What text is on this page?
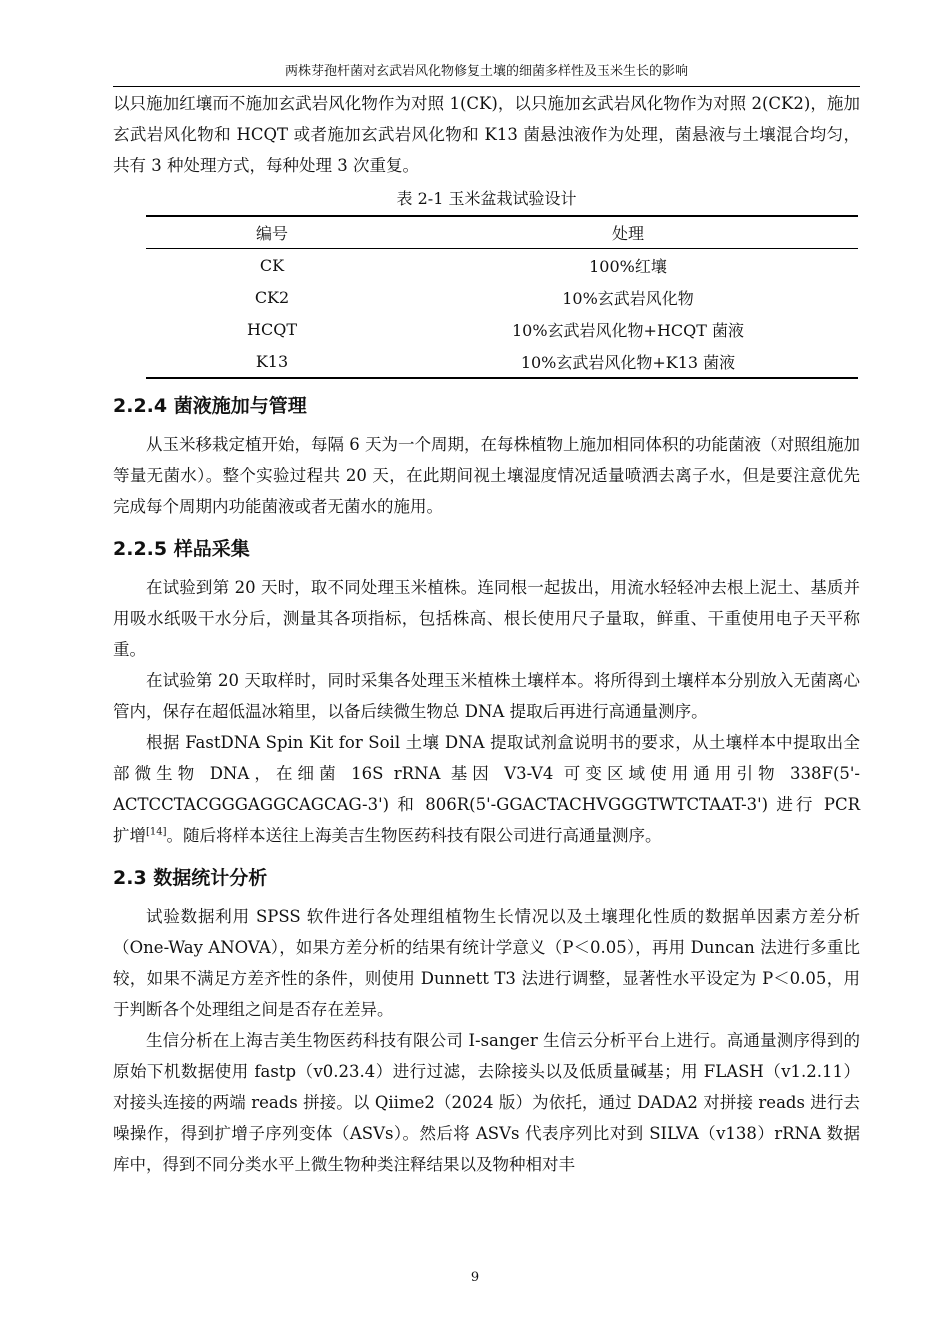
两株芽孢杆菌对玄武岩风化物修复土壤的细菌多样性及玉米生长的影响

以只施加红壤而不施加玄武岩风化物作为对照 1(CK)，以只施加玄武岩风化物作为对照 2(CK2)，施加玄武岩风化物和 HCQT 或者施加玄武岩风化物和 K13 菌悬浊液作为处理，菌悬液与土壤混合均匀，共有 3 种处理方式，每种处理 3 次重复。

表 2-1 玉米盆栽试验设计
编号	处理
CK	100%红壤
CK2	10%玄武岩风化物
HCQT	10%玄武岩风化物+HCQT 菌液
K13	10%玄武岩风化物+K13 菌液
2.2.4 菌液施加与管理

从玉米移栽定植开始，每隔 6 天为一个周期，在每株植物上施加相同体积的功能菌液（对照组施加等量无菌水）。整个实验过程共 20 天，在此期间视土壤湿度情况适量喷洒去离子水，但是要注意优先完成每个周期内功能菌液或者无菌水的施用。

2.2.5 样品采集

在试验到第 20 天时，取不同处理玉米植株。连同根一起拔出，用流水轻轻冲去根上泥土、基质并用吸水纸吸干水分后，测量其各项指标，包括株高、根长使用尺子量取，鲜重、干重使用电子天平称重。

在试验第 20 天取样时，同时采集各处理玉米植株土壤样本。将所得到土壤样本分别放入无菌离心管内，保存在超低温冰箱里，以备后续微生物总 DNA 提取后再进行高通量测序。

根据 FastDNA Spin Kit for Soil 土壤 DNA 提取试剂盒说明书的要求，从土壤样本中提取出全部微生物 DNA，在细菌 16S rRNA 基因 V3-V4 可变区域使用通用引物 338F(5'-ACTCCTACGGGAGGCAGCAG-3') 和 806R(5'-GGACTACHVGGGTWTCTAAT-3') 进行 PCR 扩增[14]。随后将样本送往上海美吉生物医药科技有限公司进行高通量测序。

2.3 数据统计分析

试验数据利用 SPSS 软件进行各处理组植物生长情况以及土壤理化性质的数据单因素方差分析（One-Way ANOVA），如果方差分析的结果有统计学意义（P＜0.05），再用 Duncan 法进行多重比较，如果不满足方差齐性的条件，则使用 Dunnett T3 法进行调整，显著性水平设定为 P＜0.05，用于判断各个处理组之间是否存在差异。

生信分析在上海吉美生物医药科技有限公司 I-sanger 生信云分析平台上进行。高通量测序得到的原始下机数据使用 fastp（v0.23.4）进行过滤，去除接头以及低质量碱基；用 FLASH（v1.2.11）对接头连接的两端 reads 拼接。以 Qiime2（2024 版）为依托，通过 DADA2 对拼接 reads 进行去噪操作，得到扩增子序列变体（ASVs）。然后将 ASVs 代表序列比对到 SILVA（v138）rRNA 数据库中，得到不同分类水平上微生物种类注释结果以及物种相对丰

9
